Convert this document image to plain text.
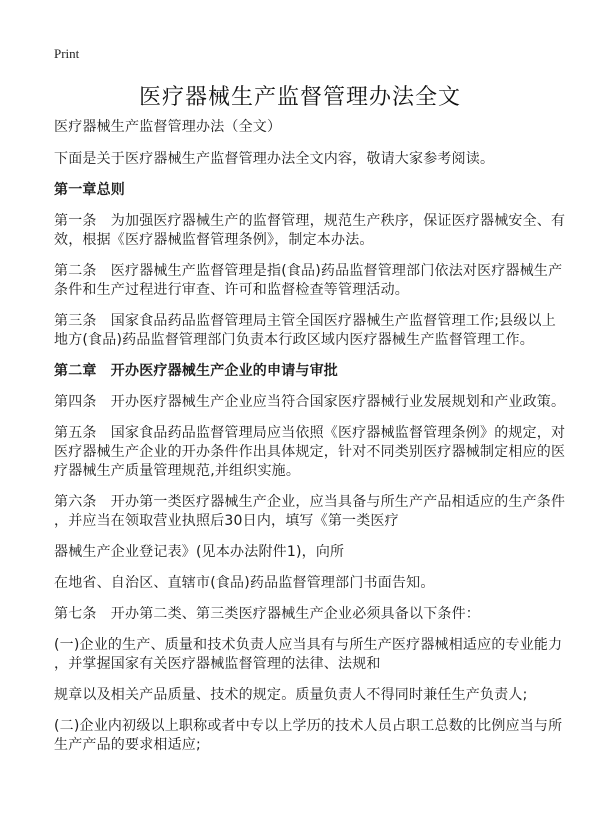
Print
医疗器械生产监督管理办法全文

医疗器械生产监督管理办法（全文）

下面是关于医疗器械生产监督管理办法全文内容，敬请大家参考阅读。

第一章总则

第一条　为加强医疗器械生产的监督管理，规范生产秩序，保证医疗器械安全、有

效，根据《医疗器械监督管理条例》，制定本办法。

第二条　医疗器械生产监督管理是指(食品)药品监督管理部门依法对医疗器械生产

条件和生产过程进行审查、许可和监督检查等管理活动。

第三条　国家食品药品监督管理局主管全国医疗器械生产监督管理工作;县级以上

地方(食品)药品监督管理部门负责本行政区域内医疗器械生产监督管理工作。

第二章　开办医疗器械生产企业的申请与审批

第四条　开办医疗器械生产企业应当符合国家医疗器械行业发展规划和产业政策。

第五条　国家食品药品监督管理局应当依照《医疗器械监督管理条例》的规定，对

医疗器械生产企业的开办条件作出具体规定，针对不同类别医疗器械制定相应的医

疗器械生产质量管理规范,并组织实施。

第六条　开办第一类医疗器械生产企业，应当具备与所生产产品相适应的生产条件

，并应当在领取营业执照后30日内，填写《第一类医疗

器械生产企业登记表》(见本办法附件1)，向所

在地省、自治区、直辖市(食品)药品监督管理部门书面告知。

第七条　开办第二类、第三类医疗器械生产企业必须具备以下条件：

(一)企业的生产、质量和技术负责人应当具有与所生产医疗器械相适应的专业能力

，并掌握国家有关医疗器械监督管理的法律、法规和

规章以及相关产品质量、技术的规定。质量负责人不得同时兼任生产负责人;

(二)企业内初级以上职称或者中专以上学历的技术人员占职工总数的比例应当与所

生产产品的要求相适应;
